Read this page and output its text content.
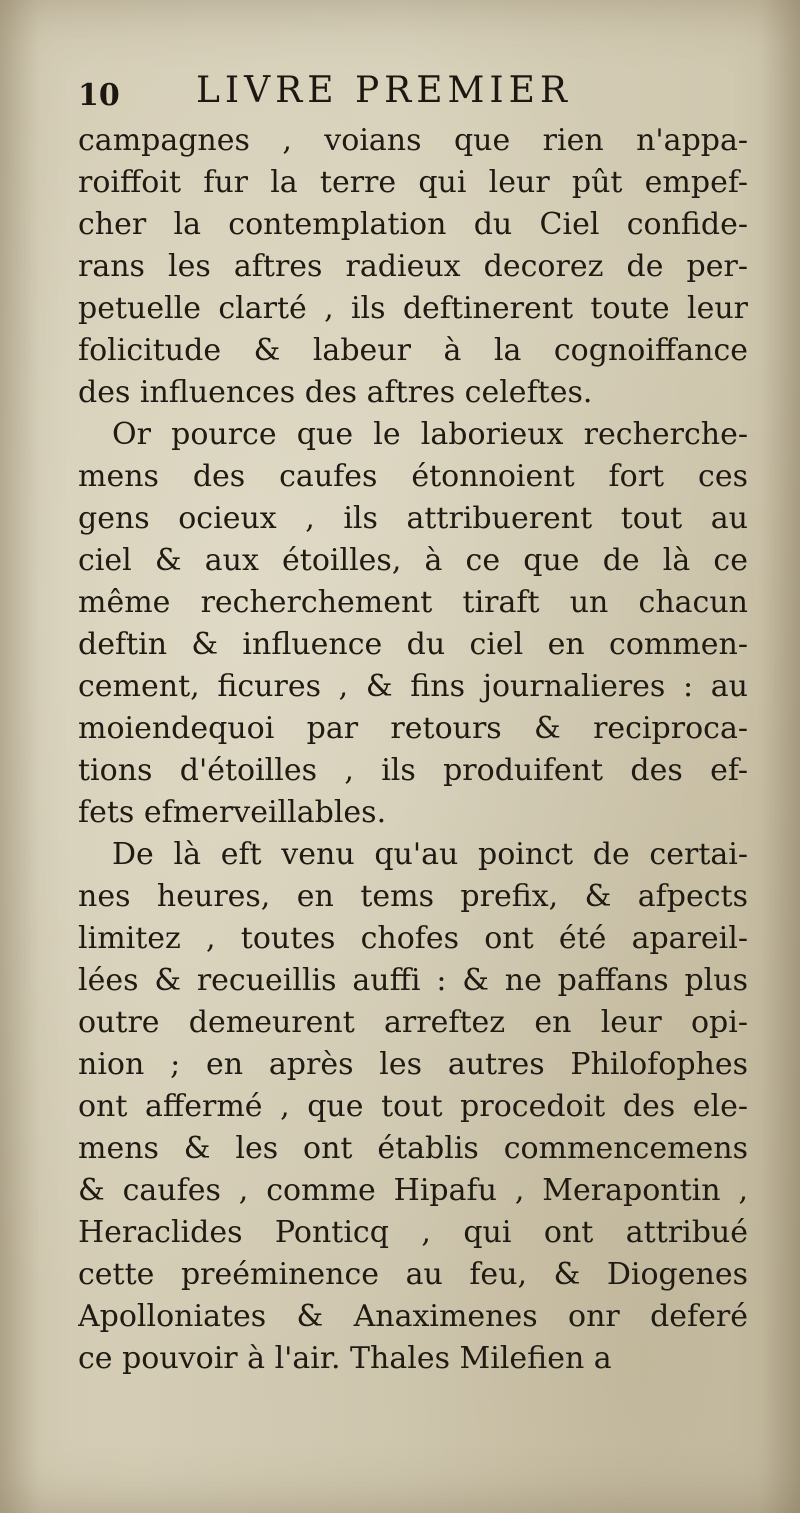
10 LIVRE PREMIER
campagnes , voians que rien n'appa-
roiffoit fur la terre qui leur pût empef-
cher la contemplation du Ciel confide-
rans les aftres radieux decorez de per-
petuelle clarté , ils deftinerent toute leur
folicitude & labeur à la cognoiffance
des influences des aftres celeftes.
Or pource que le laborieux recherche-
mens des caufes étonnoient fort ces
gens ocieux , ils attribuerent tout au
ciel & aux étoilles, à ce que de là ce
même recherchement tiraft un chacun
deftin & influence du ciel en commen-
cement, ficures , & fins journalieres : au
moiendequoi par retours & reciproca-
tions d'étoilles , ils produifent des ef-
fets efmerveillables.
De là eft venu qu'au poinct de certai-
nes heures, en tems prefix, & afpects
limitez , toutes chofes ont été apareil-
lées & recueillis auffi : & ne paffans plus
outre demeurent arreftez en leur opi-
nion ; en après les autres Philofophes
ont affermé , que tout procedoit des ele-
mens & les ont établis commencemens
& caufes , comme Hipafu , Merapontin ,
Heraclides Ponticq , qui ont attribué
cette preéminence au feu, & Diogenes
Apolloniates & Anaximenes onr deferé
ce pouvoir à l'air. Thales Milefien a
